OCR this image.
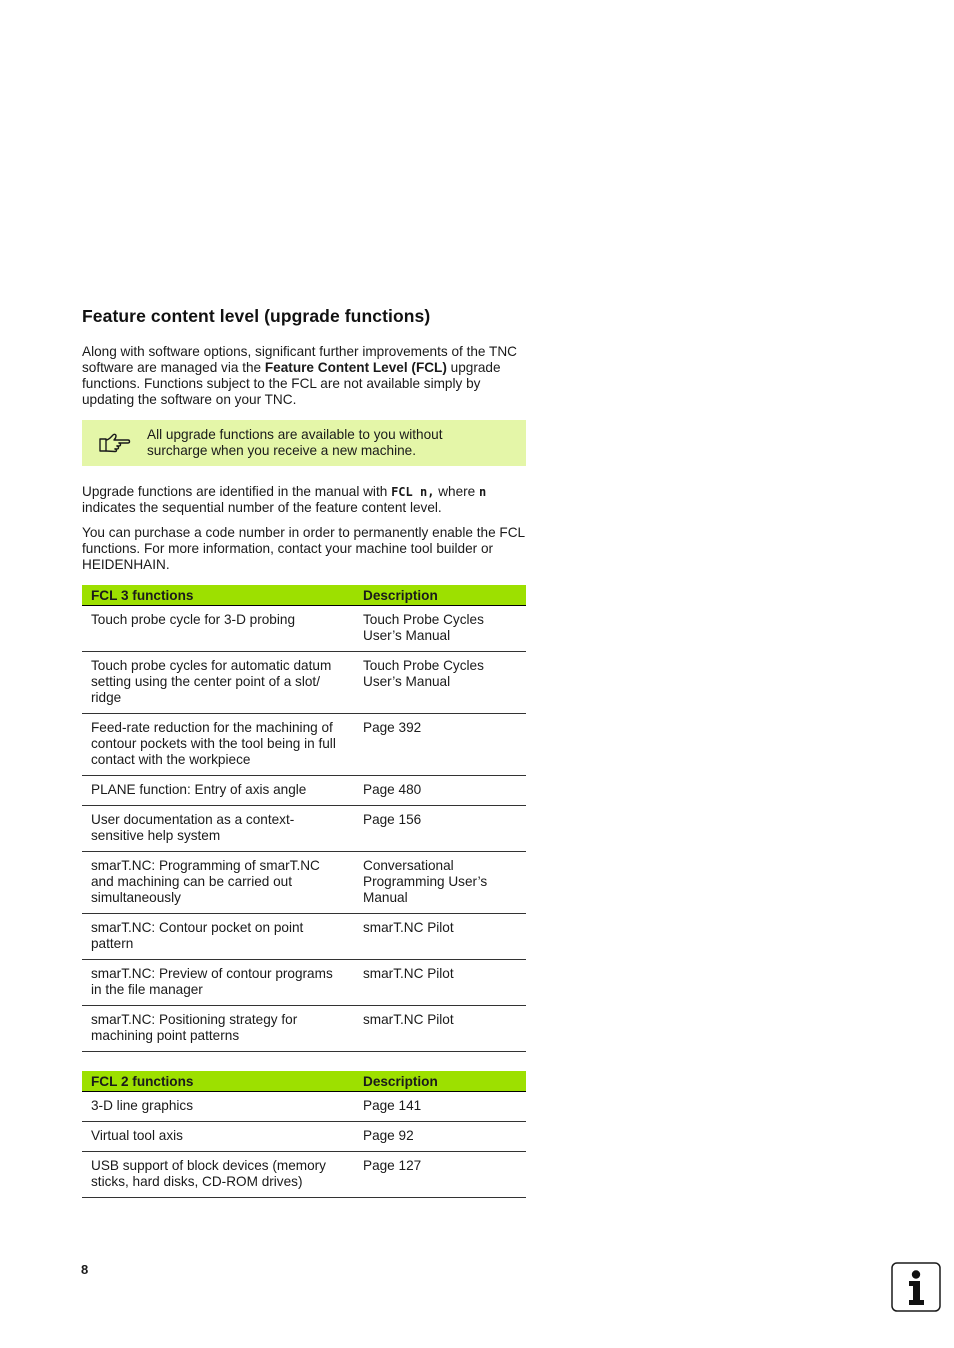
Feature content level (upgrade functions)

Along with software options, significant further improvements of the TNC software are managed via the Feature Content Level (FCL) upgrade functions. Functions subject to the FCL are not available simply by updating the software on your TNC.

All upgrade functions are available to you without surcharge when you receive a new machine.

Upgrade functions are identified in the manual with FCL n, where n indicates the sequential number of the feature content level.

You can purchase a code number in order to permanently enable the FCL functions. For more information, contact your machine tool builder or HEIDENHAIN.

FCL 3 functions	Description
Touch probe cycle for 3-D probing	Touch Probe Cycles User’s Manual
Touch probe cycles for automatic datum setting using the center point of a slot/ ridge	Touch Probe Cycles User’s Manual
Feed-rate reduction for the machining of contour pockets with the tool being in full contact with the workpiece	Page 392
PLANE function: Entry of axis angle	Page 480
User documentation as a context-sensitive help system	Page 156
smarT.NC: Programming of smarT.NC and machining can be carried out simultaneously	Conversational Programming User’s Manual
smarT.NC: Contour pocket on point pattern	smarT.NC Pilot
smarT.NC: Preview of contour programs in the file manager	smarT.NC Pilot
smarT.NC: Positioning strategy for machining point patterns	smarT.NC Pilot
FCL 2 functions	Description
3-D line graphics	Page 141
Virtual tool axis	Page 92
USB support of block devices (memory sticks, hard disks, CD-ROM drives)	Page 127
8
